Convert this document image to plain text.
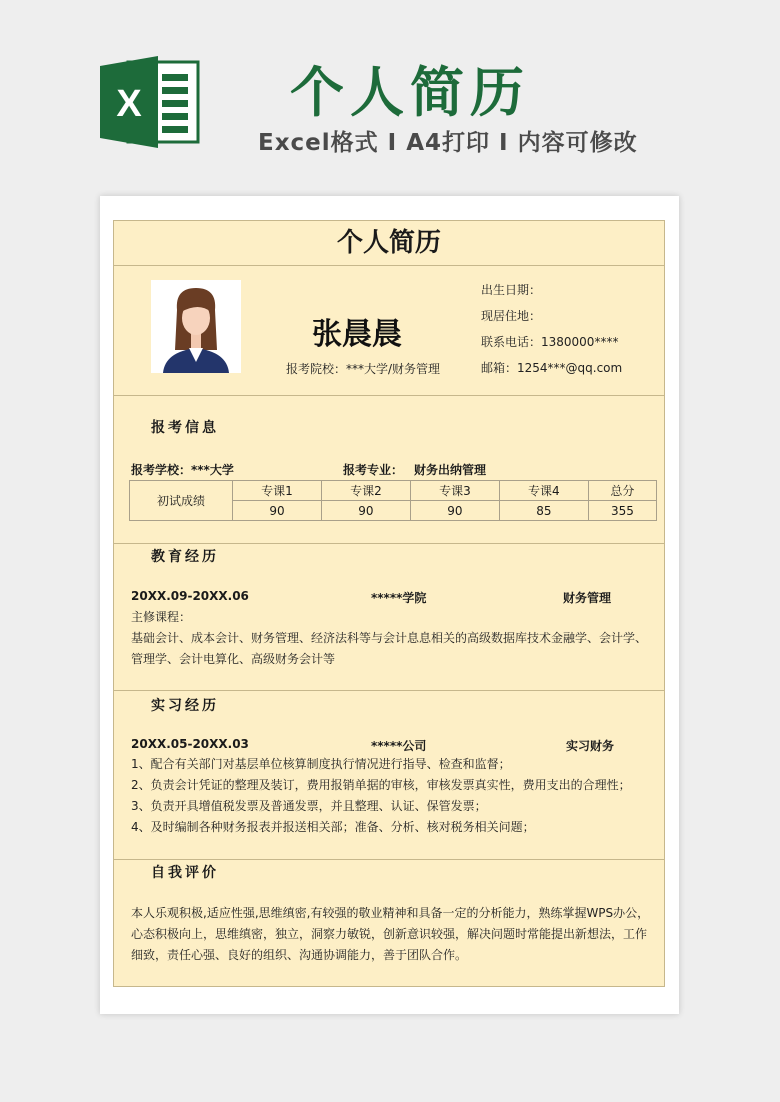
X	个人简历
Excel格式 I A4打印 I 内容可修改
个人简历
张晨晨
报考院校：***大学/财务管理
出生日期：
现居住地：
联系电话：1380000****
邮箱：1254***@qq.com
报考信息
报考学校：***大学	报考专业： 财务出纳管理
初试成绩	专课1	专课2	专课3	专课4	总分
	90	90	90	85	355
教育经历
20XX.09-20XX.06	*****学院	财务管理
主修课程：
基础会计、成本会计、财务管理、经济法科等与会计息息相关的高级数据库技术金融学、会计学、
管理学、会计电算化、高级财务会计等
实习经历
20XX.05-20XX.03	*****公司	实习财务
1、配合有关部门对基层单位核算制度执行情况进行指导、检查和监督；
2、负责会计凭证的整理及装订，费用报销单据的审核，审核发票真实性，费用支出的合理性；
3、负责开具增值税发票及普通发票，并且整理、认证、保管发票；
4、及时编制各种财务报表并报送相关部；准备、分析、核对税务相关问题；
自我评价
本人乐观积极,适应性强,思维缜密,有较强的敬业精神和具备一定的分析能力，熟练掌握WPS办公，
心态积极向上，思维缜密，独立，洞察力敏锐，创新意识较强，解决问题时常能提出新想法，工作
细致，责任心强、良好的组织、沟通协调能力，善于团队合作。
